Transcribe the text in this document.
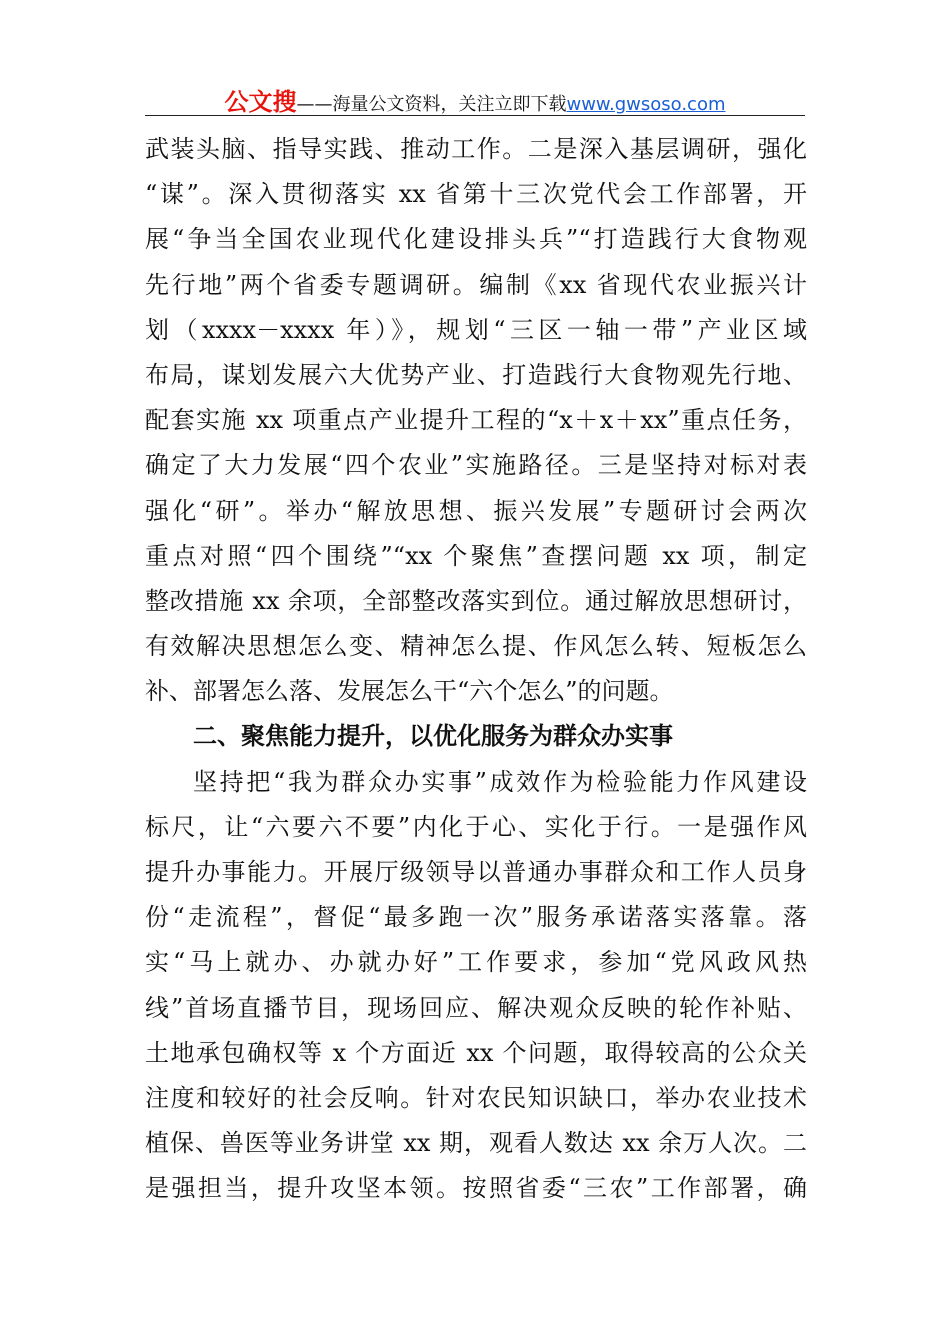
公文搜——海量公文资料，关注立即下载www.gwsoso.com
武装头脑、指导实践、推动工作。二是深入基层调研，强化
“谋”。深入贯彻落实 xx 省第十三次党代会工作部署，开
展“争当全国农业现代化建设排头兵”“打造践行大食物观
先行地”两个省委专题调研。编制《xx 省现代农业振兴计
划（xxxx－xxxx 年）》，规划“三区一轴一带”产业区域
布局，谋划发展六大优势产业、打造践行大食物观先行地、
配套实施 xx 项重点产业提升工程的“x＋x＋xx”重点任务，
确定了大力发展“四个农业”实施路径。三是坚持对标对表
强化“研”。举办“解放思想、振兴发展”专题研讨会两次
重点对照“四个围绕”“xx 个聚焦”查摆问题 xx 项，制定
整改措施 xx 余项，全部整改落实到位。通过解放思想研讨，
有效解决思想怎么变、精神怎么提、作风怎么转、短板怎么
补、部署怎么落、发展怎么干“六个怎么”的问题。
二、聚焦能力提升，以优化服务为群众办实事
坚持把“我为群众办实事”成效作为检验能力作风建设
标尺，让“六要六不要”内化于心、实化于行。一是强作风
提升办事能力。开展厅级领导以普通办事群众和工作人员身
份“走流程”，督促“最多跑一次”服务承诺落实落靠。落
实“马上就办、办就办好”工作要求，参加“党风政风热
线”首场直播节目，现场回应、解决观众反映的轮作补贴、
土地承包确权等 x 个方面近 xx 个问题，取得较高的公众关
注度和较好的社会反响。针对农民知识缺口，举办农业技术
植保、兽医等业务讲堂 xx 期，观看人数达 xx 余万人次。二
是强担当，提升攻坚本领。按照省委“三农”工作部署，确
